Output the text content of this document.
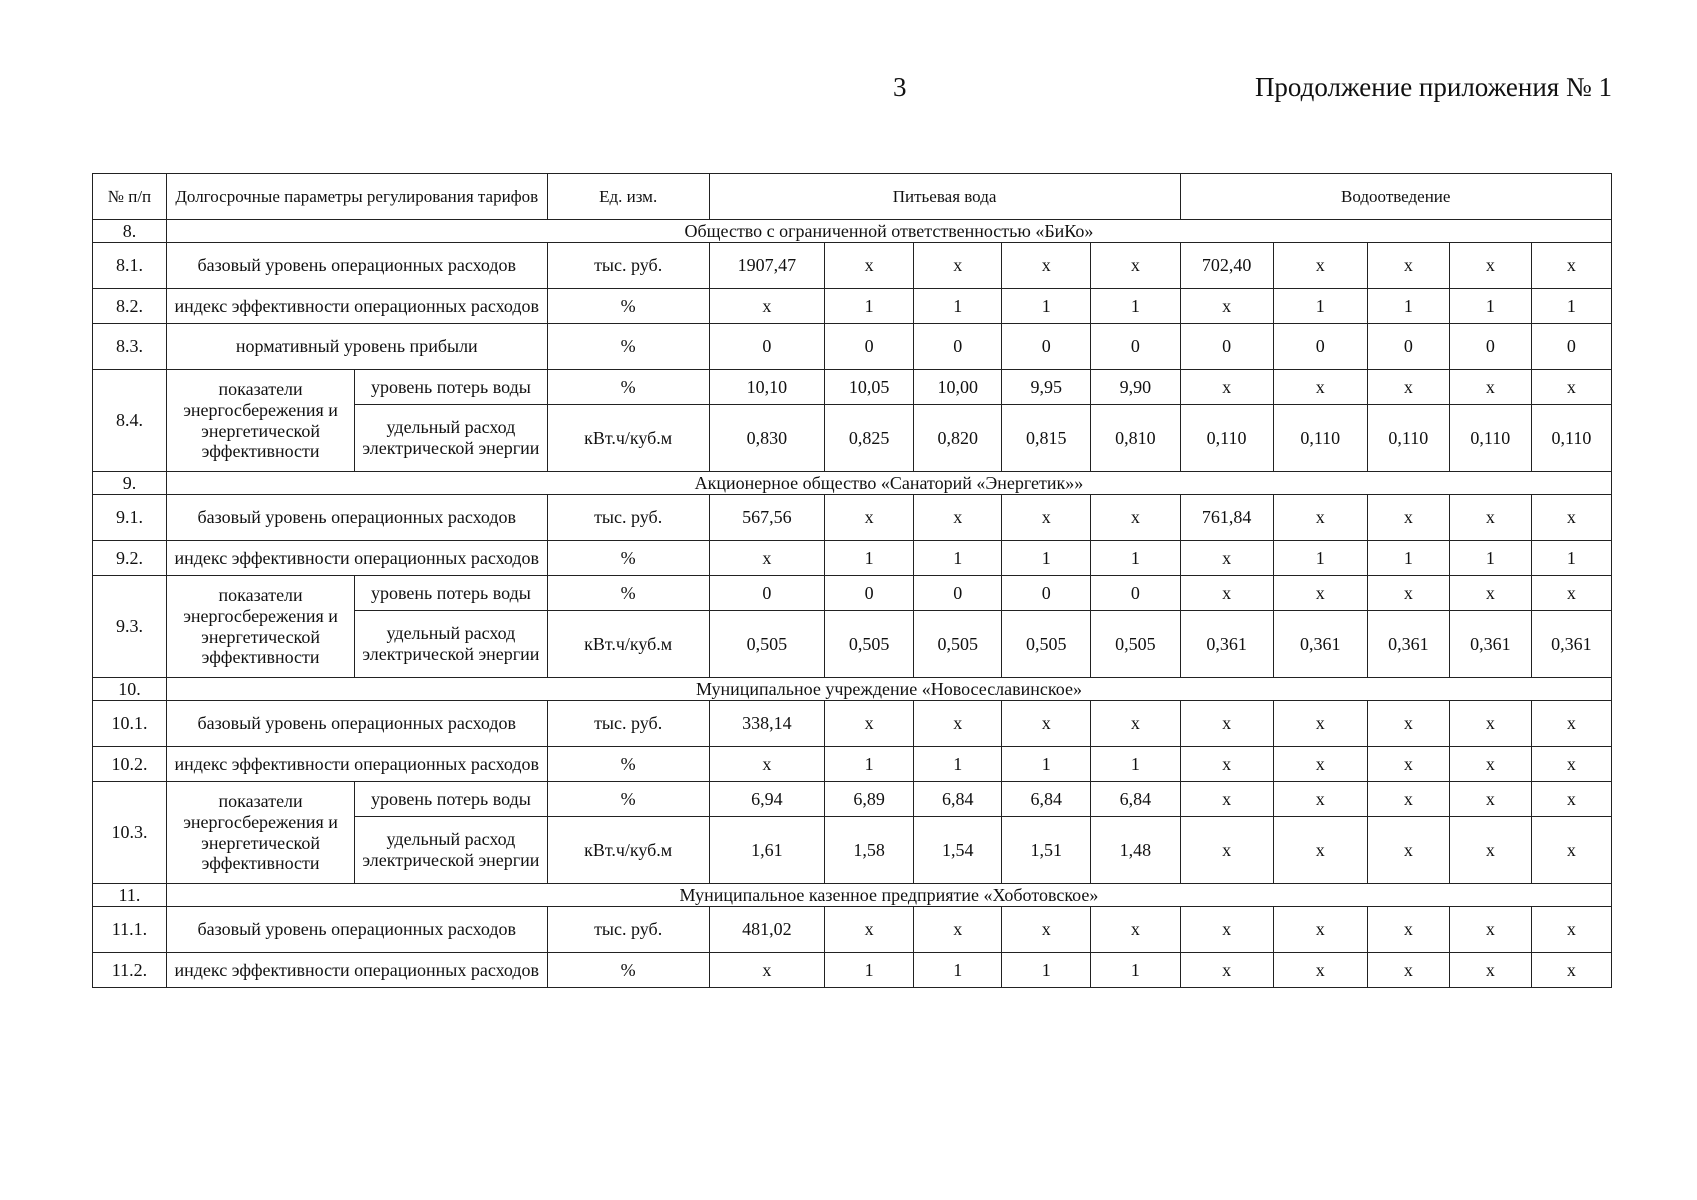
3	Продолжение приложения № 1
№ п/п	Долгосрочные параметры регулирования тарифов		Ед. изм.	Питьевая вода					Водоотведение				
8.	Общество с ограниченной ответственностью «БиКо»												
8.1.	базовый уровень операционных расходов		тыс. руб.	1907,47	х	х	х	х	702,40	х	х	х	х
8.2.	индекс эффективности операционных расходов		%	х	1	1	1	1	х	1	1	1	1
8.3.	нормативный уровень прибыли		%	0	0	0	0	0	0	0	0	0	0
8.4.	показатели энергосбережения и энергетической эффективности	уровень потерь воды	%	10,10	10,05	10,00	9,95	9,90	х	х	х	х	х
		удельный расход электрической энергии	кВт.ч/куб.м	0,830	0,825	0,820	0,815	0,810	0,110	0,110	0,110	0,110	0,110
9.	Акционерное общество «Санаторий «Энергетик»»												
9.1.	базовый уровень операционных расходов		тыс. руб.	567,56	х	х	х	х	761,84	х	х	х	х
9.2.	индекс эффективности операционных расходов		%	х	1	1	1	1	х	1	1	1	1
9.3.	показатели энергосбережения и энергетической эффективности	уровень потерь воды	%	0	0	0	0	0	х	х	х	х	х
		удельный расход электрической энергии	кВт.ч/куб.м	0,505	0,505	0,505	0,505	0,505	0,361	0,361	0,361	0,361	0,361
10.	Муниципальное учреждение «Новосеславинское»												
10.1.	базовый уровень операционных расходов		тыс. руб.	338,14	х	х	х	х	х	х	х	х	х
10.2.	индекс эффективности операционных расходов		%	х	1	1	1	1	х	х	х	х	х
10.3.	показатели энергосбережения и энергетической эффективности	уровень потерь воды	%	6,94	6,89	6,84	6,84	6,84	х	х	х	х	х
		удельный расход электрической энергии	кВт.ч/куб.м	1,61	1,58	1,54	1,51	1,48	х	х	х	х	х
11.	Муниципальное казенное предприятие «Хоботовское»												
11.1.	базовый уровень операционных расходов		тыс. руб.	481,02	х	х	х	х	х	х	х	х	х
11.2.	индекс эффективности операционных расходов		%	х	1	1	1	1	х	х	х	х	х
